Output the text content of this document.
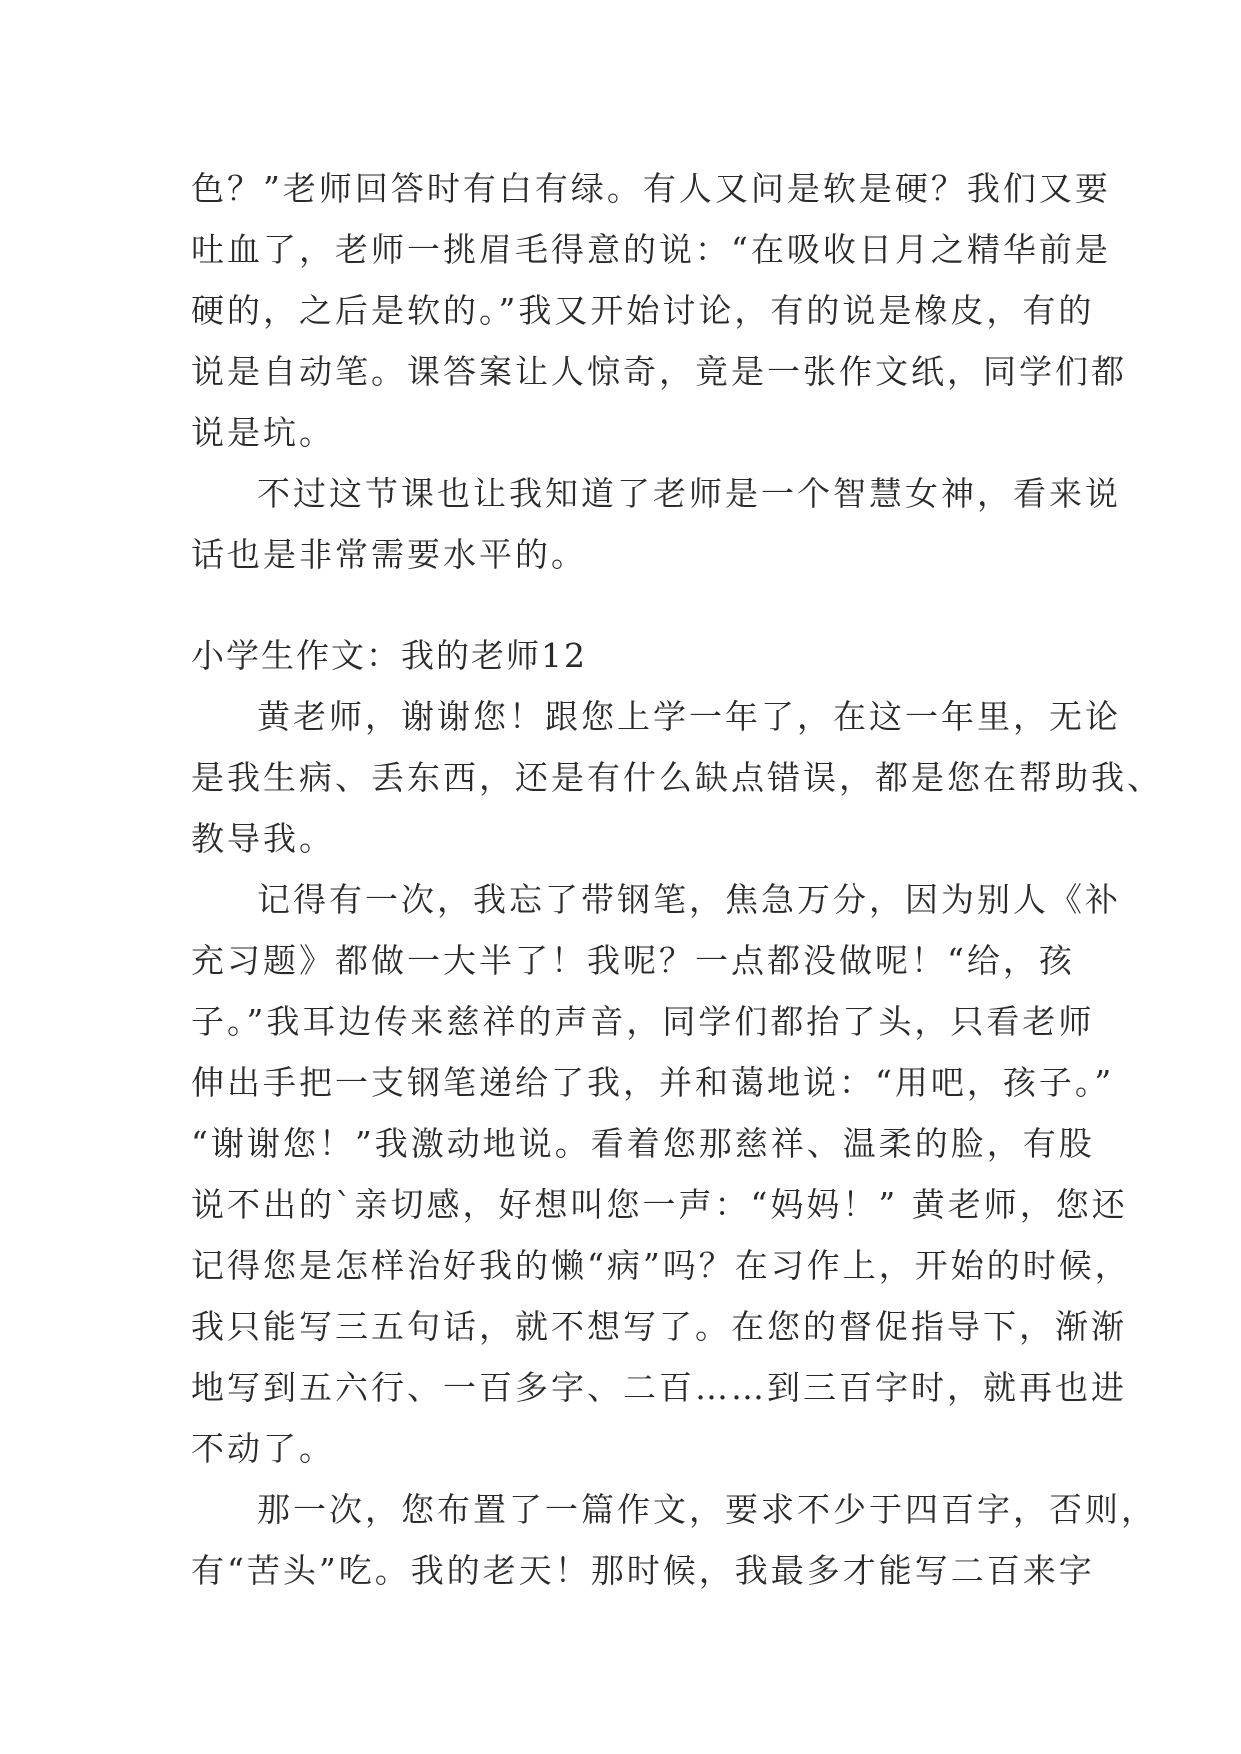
色？”老师回答时有白有绿。有人又问是软是硬？我们又要
吐血了，老师一挑眉毛得意的说：“在吸收日月之精华前是
硬的，之后是软的。”我又开始讨论，有的说是橡皮，有的
说是自动笔。课答案让人惊奇，竟是一张作文纸，同学们都
说是坑。
不过这节课也让我知道了老师是一个智慧女神，看来说
话也是非常需要水平的。
小学生作文：我的老师12
黄老师，谢谢您！跟您上学一年了，在这一年里，无论
是我生病、丢东西，还是有什么缺点错误，都是您在帮助我、
教导我。
记得有一次，我忘了带钢笔，焦急万分，因为别人《补
充习题》都做一大半了！我呢？一点都没做呢！“给，孩
子。”我耳边传来慈祥的声音，同学们都抬了头，只看老师
伸出手把一支钢笔递给了我，并和蔼地说：“用吧，孩子。”
“谢谢您！”我激动地说。看着您那慈祥、温柔的脸，有股
说不出的`亲切感，好想叫您一声：“妈妈！” 黄老师，您还
记得您是怎样治好我的懒“病”吗？在习作上，开始的时候，
我只能写三五句话，就不想写了。在您的督促指导下，渐渐
地写到五六行、一百多字、二百……到三百字时，就再也进
不动了。
那一次，您布置了一篇作文，要求不少于四百字，否则，
有“苦头”吃。我的老天！那时候，我最多才能写二百来字
